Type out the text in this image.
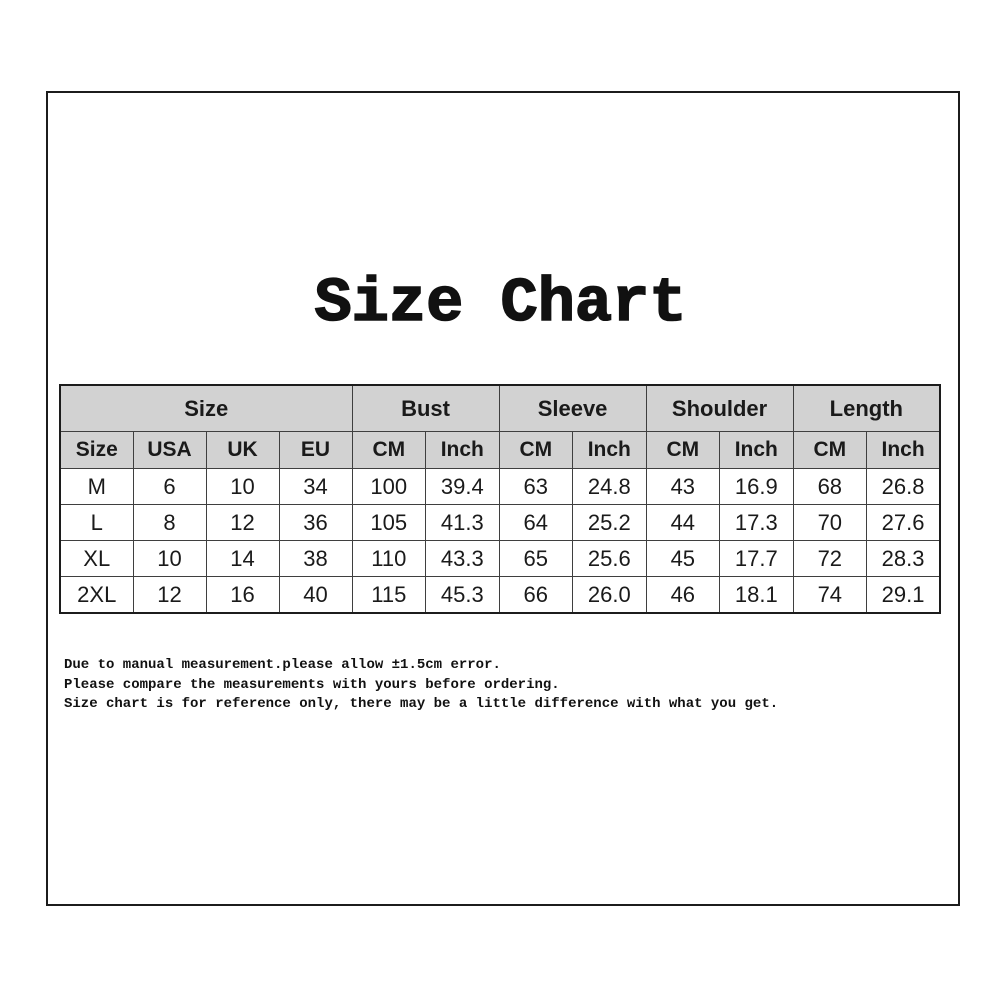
Size Chart
Size				Bust		Sleeve		Shoulder		Length	
Size	USA	UK	EU	CM	Inch	CM	Inch	CM	Inch	CM	Inch
M	6	10	34	100	39.4	63	24.8	43	16.9	68	26.8
L	8	12	36	105	41.3	64	25.2	44	17.3	70	27.6
XL	10	14	38	110	43.3	65	25.6	45	17.7	72	28.3
2XL	12	16	40	115	45.3	66	26.0	46	18.1	74	29.1

Due to manual measurement.please allow ±1.5cm error.

Please compare the measurements with yours before ordering.

Size chart is for reference only, there may be a little difference with what you get.
